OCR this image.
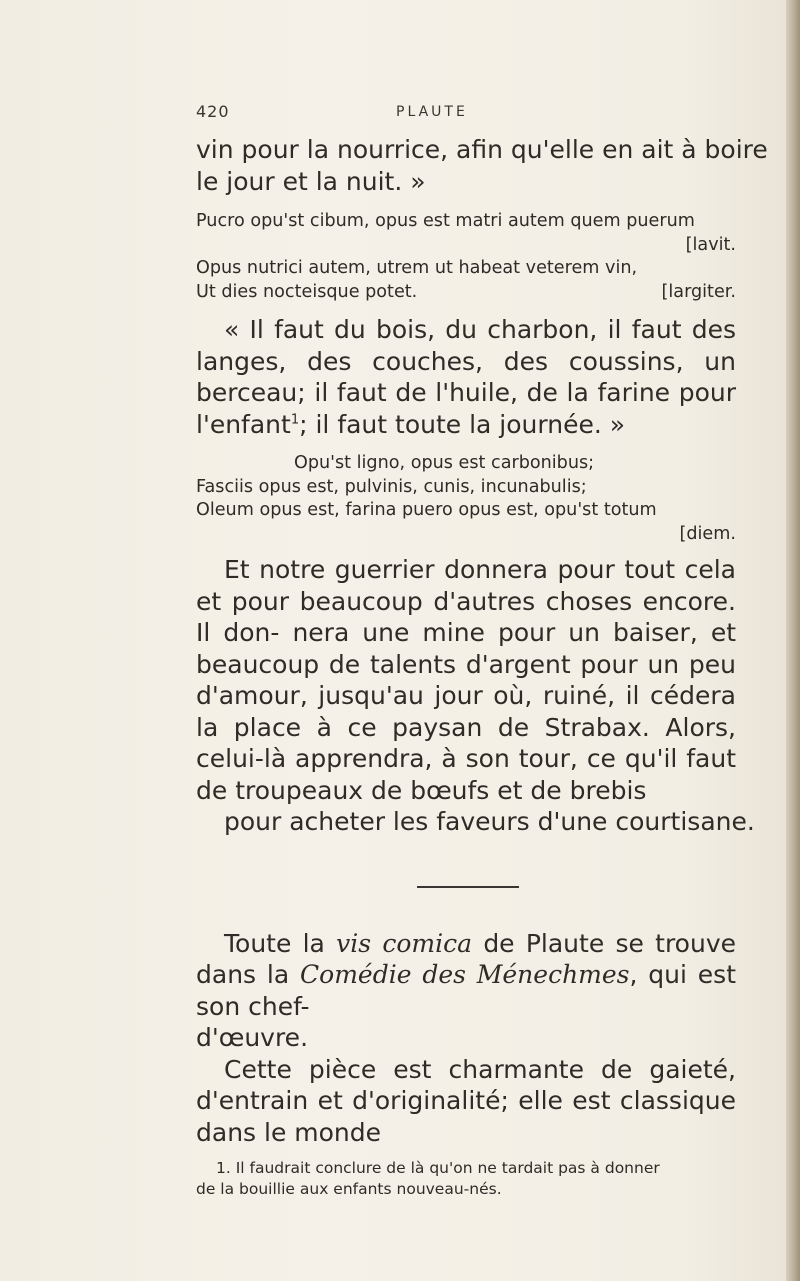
420	PLAUTE

vin pour la nourrice, afin qu'elle en ait à boire
le jour et la nuit. »

Pucro opu'st cibum, opus est matri autem quem puerum
[lavit.
Opus nutrici autem, utrem ut habeat veterem vin,
Ut dies nocteisque potet.	[largiter.

« Il faut du bois, du charbon, il faut des langes, des couches, des coussins, un berceau; il faut de l'huile, de la farine pour l'enfant$^1$; il faut toute la journée. »

Opu'st ligno, opus est carbonibus;
Fasciis opus est, pulvinis, cunis, incunabulis;
Oleum opus est, farina puero opus est, opu'st totum
[diem.

Et notre guerrier donnera pour tout cela et pour beaucoup d'autres choses encore. Il don- nera une mine pour un baiser, et beaucoup de talents d'argent pour un peu d'amour, jusqu'au jour où, ruiné, il cédera la place à ce paysan de Strabax. Alors, celui-là apprendra, à son tour, ce qu'il faut de troupeaux de bœufs et de brebis
pour acheter les faveurs d'une courtisane.

Toute la vis comica de Plaute se trouve dans la Comédie des Ménechmes, qui est son chef-
d'œuvre.

Cette pièce est charmante de gaieté, d'entrain et d'originalité; elle est classique dans le monde

1. Il faudrait conclure de là qu'on ne tardait pas à donner
de la bouillie aux enfants nouveau-nés.
